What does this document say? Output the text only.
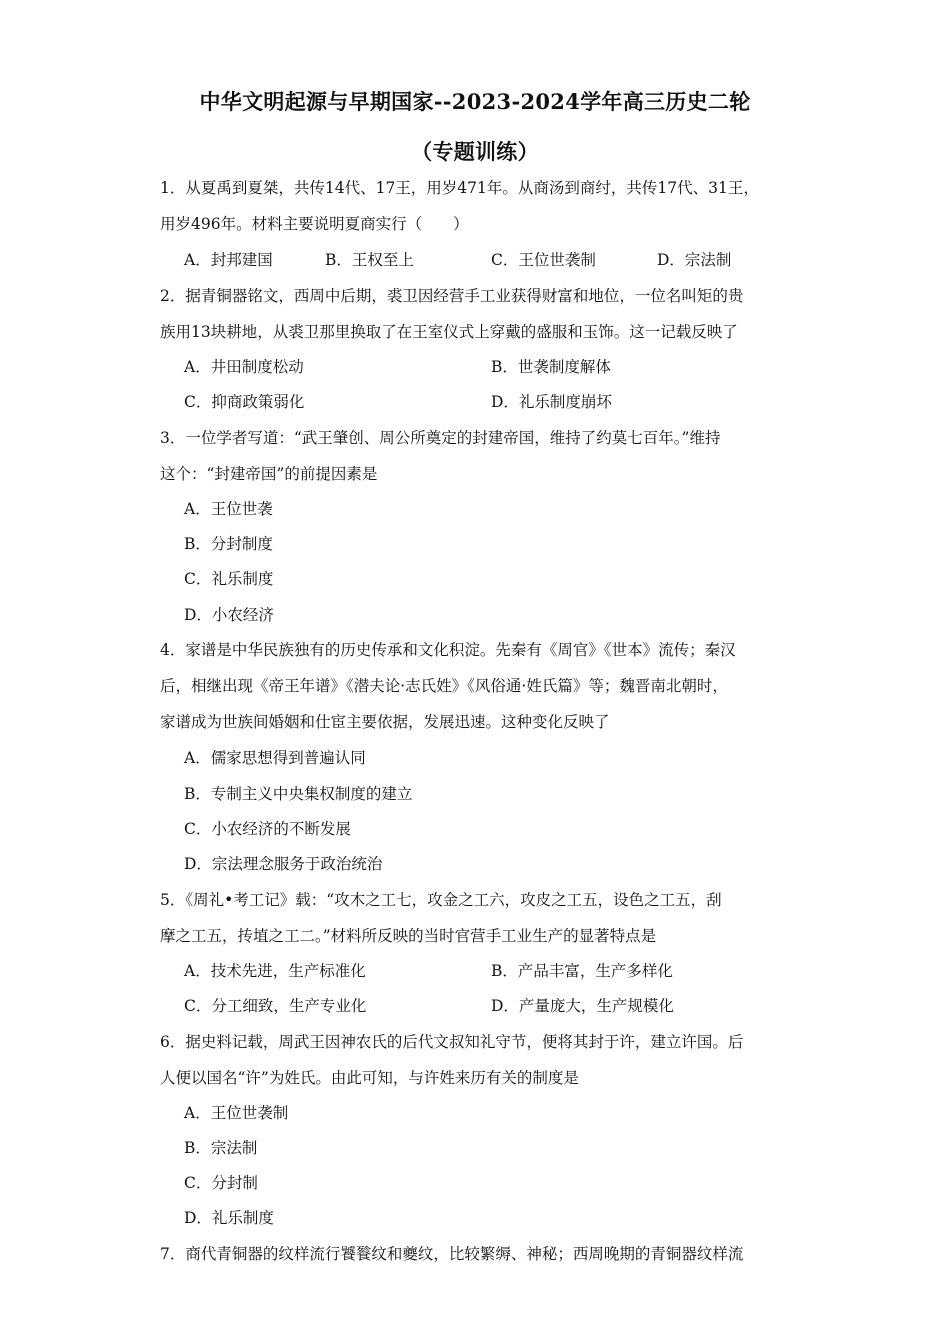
中华文明起源与早期国家--2023-2024学年高三历史二轮
（专题训练）
1．从夏禹到夏桀，共传14代、17王，用岁471年。从商汤到商纣，共传17代、31王，
用岁496年。材料主要说明夏商实行（　　）
A．封邦建国	B．王权至上	C．王位世袭制	D．宗法制
2．据青铜器铭文，西周中后期，裘卫因经营手工业获得财富和地位，一位名叫矩的贵
族用13块耕地，从裘卫那里换取了在王室仪式上穿戴的盛服和玉饰。这一记载反映了
A．井田制度松动	B．世袭制度解体
C．抑商政策弱化	D．礼乐制度崩坏
3．一位学者写道：“武王肇创、周公所奠定的封建帝国，维持了约莫七百年。”维持
这个：“封建帝国”的前提因素是
A．王位世袭
B．分封制度
C．礼乐制度
D．小农经济
4．家谱是中华民族独有的历史传承和文化积淀。先秦有《周官》《世本》流传；秦汉
后，相继出现《帝王年谱》《潜夫论·志氏姓》《风俗通·姓氏篇》等；魏晋南北朝时，
家谱成为世族间婚姻和仕宦主要依据，发展迅速。这种变化反映了
A．儒家思想得到普遍认同
B．专制主义中央集权制度的建立
C．小农经济的不断发展
D．宗法理念服务于政治统治
5．《周礼•考工记》载：“攻木之工七，攻金之工六，攻皮之工五，设色之工五，刮
摩之工五，抟埴之工二。”材料所反映的当时官营手工业生产的显著特点是
A．技术先进，生产标准化	B．产品丰富，生产多样化
C．分工细致，生产专业化	D．产量庞大，生产规模化
6．据史料记载，周武王因神农氏的后代文叔知礼守节，便将其封于许，建立许国。后
人便以国名“许”为姓氏。由此可知，与许姓来历有关的制度是
A．王位世袭制
B．宗法制
C．分封制
D．礼乐制度
7．商代青铜器的纹样流行饕餮纹和夔纹，比较繁缛、神秘；西周晚期的青铜器纹样流
